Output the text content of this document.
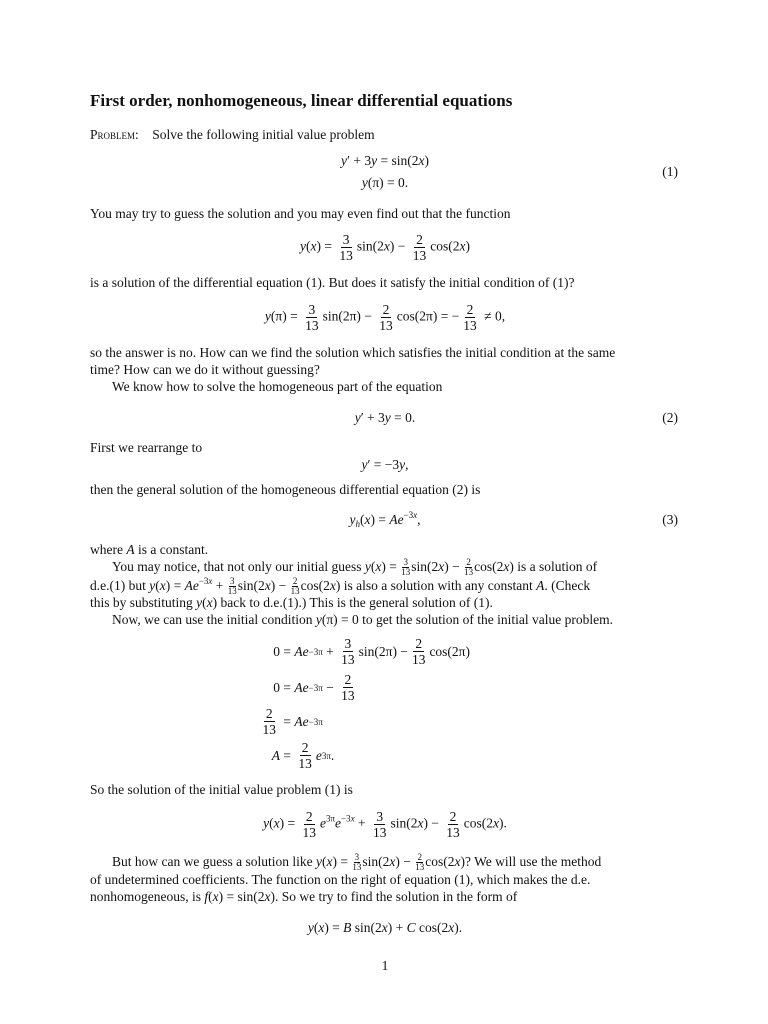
First order, nonhomogeneous, linear differential equations
Problem: Solve the following initial value problem
y′ + 3y = sin(2x)
y(π) = 0.
(1)
You may try to guess the solution and you may even find out that the function
$y(x) = \frac{3}{13} \sin(2x) - \frac{2}{13} \cos(2x)$
is a solution of the differential equation (1). But does it satisfy the initial condition of (1)?
$y(\pi) = \frac{3}{13} \sin(2\pi) - \frac{2}{13} \cos(2\pi)$ = − $\frac{2}{13} \ne 0$,
so the answer is no. How can we find the solution which satisfies the initial condition at the same
time? How can we do it without guessing?
We know how to solve the homogeneous part of the equation
y′ + 3y = 0.	(2)
First we rearrange to
y′ = −3y,
then the general solution of the homogeneous differential equation (2) is
$y_h(x) = Ae^{-3x}$,	(3)
where A is a constant.
You may notice, that not only our initial guess $y(x) = \frac{3}{13} \sin(2x) - \frac{2}{13} \cos(2x)$ is a solution of
d.e.(1) but $y(x) = Ae^{-3x} + \frac{3}{13} \sin(2x) - \frac{2}{13} \cos(2x)$ is also a solution with any constant A. (Check
this by substituting y(x) back to d.e.(1).) This is the general solution of (1).
Now, we can use the initial condition y(π) = 0 to get the solution of the initial value problem.
$0 = Ae -3\pi + \frac{3}{13} \sin(2\pi) - \frac{2}{13} \cos(2\pi)$
$0 = Ae -3\pi - \frac{2}{13}$
$\frac{2}{13} = Ae -3\pi$
$A = \frac{2}{13}$ e 3π .
So the solution of the initial value problem (1) is
$y(x) = \frac{2}{13} e^{3\pi}e^{-3x} + \frac{3}{13} \sin(2x) - \frac{2}{13} \cos(2x)$.
But how can we guess a solution like $y(x) = \frac{3}{13} \sin(2x) - \frac{2}{13} \cos(2x)$? We will use the method
of undetermined coefficients. The function on the right of equation (1), which makes the d.e.
nonhomogeneous, is f(x) = sin(2x). So we try to find the solution in the form of
y(x) = B sin(2x) + C cos(2x).
1
